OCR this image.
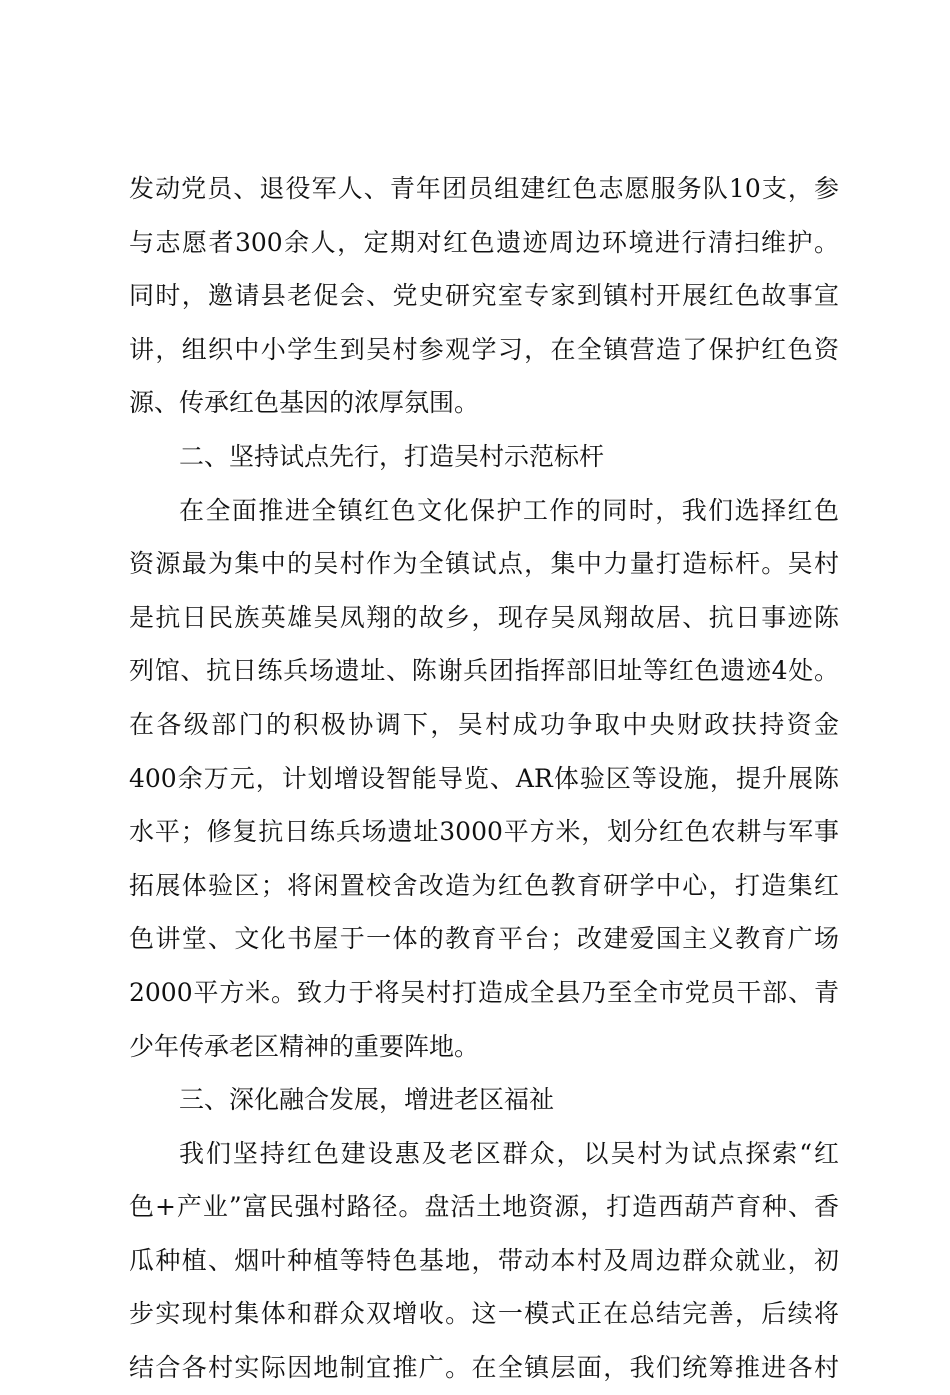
发动党员、退役军人、青年团员组建红色志愿服务队10支，参
与志愿者300余人，定期对红色遗迹周边环境进行清扫维护。
同时，邀请县老促会、党史研究室专家到镇村开展红色故事宣
讲，组织中小学生到吴村参观学习，在全镇营造了保护红色资
源、传承红色基因的浓厚氛围。
二、坚持试点先行，打造吴村示范标杆
在全面推进全镇红色文化保护工作的同时，我们选择红色
资源最为集中的吴村作为全镇试点，集中力量打造标杆。吴村
是抗日民族英雄吴凤翔的故乡，现存吴凤翔故居、抗日事迹陈
列馆、抗日练兵场遗址、陈谢兵团指挥部旧址等红色遗迹4处。
在各级部门的积极协调下，吴村成功争取中央财政扶持资金
400余万元，计划增设智能导览、AR体验区等设施，提升展陈
水平；修复抗日练兵场遗址3000平方米，划分红色农耕与军事
拓展体验区；将闲置校舍改造为红色教育研学中心，打造集红
色讲堂、文化书屋于一体的教育平台；改建爱国主义教育广场
2000平方米。致力于将吴村打造成全县乃至全市党员干部、青
少年传承老区精神的重要阵地。
三、深化融合发展，增进老区福祉
我们坚持红色建设惠及老区群众，以吴村为试点探索“红
色+产业”富民强村路径。盘活土地资源，打造西葫芦育种、香
瓜种植、烟叶种植等特色基地，带动本村及周边群众就业，初
步实现村集体和群众双增收。这一模式正在总结完善，后续将
结合各村实际因地制宜推广。在全镇层面，我们统筹推进各村
